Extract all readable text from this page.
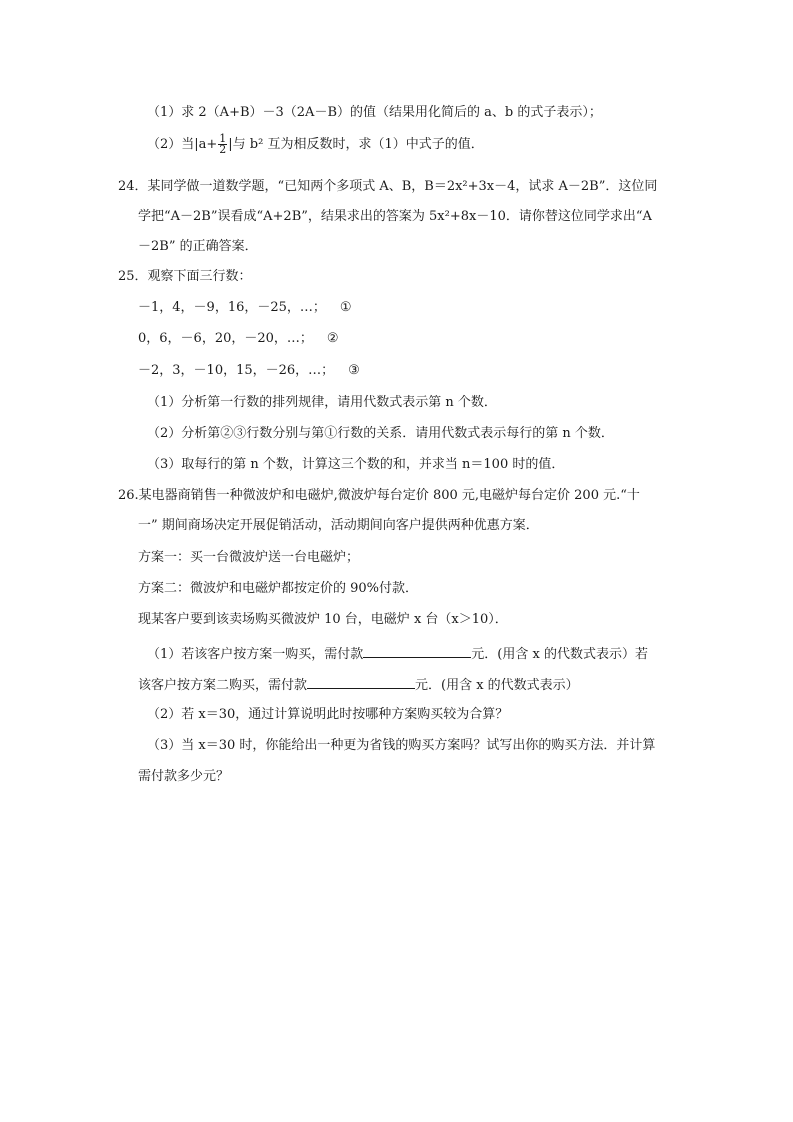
（1）求 2（A+B）－3（2A－B）的值（结果用化简后的 a、b 的式子表示）；
（2）当$|a+ \frac{1}{2}$ |与 b² 互为相反数时，求（1）中式子的值．
24．某同学做一道数学题，“已知两个多项式 A、B，B＝2x²+3x－4，试求 A－2B”．这位同
学把“A－2B”误看成“A+2B”，结果求出的答案为 5x²+8x－10．请你替这位同学求出“A
－2B” 的正确答案．
25．观察下面三行数：
－1，4，－9，16，－25，…； ①
0，6，－6，20，－20，…； ②
－2，3，－10，15，－26，…； ③
（1）分析第一行数的排列规律，请用代数式表示第 n 个数．
（2）分析第②③行数分别与第①行数的关系．请用代数式表示每行的第 n 个数．
（3）取每行的第 n 个数，计算这三个数的和，并求当 n＝100 时的值．
26.某电器商销售一种微波炉和电磁炉,微波炉每台定价 800 元,电磁炉每台定价 200 元.“十
一” 期间商场决定开展促销活动，活动期间向客户提供两种优惠方案．
方案一：买一台微波炉送一台电磁炉；
方案二：微波炉和电磁炉都按定价的 90%付款．
现某客户要到该卖场购买微波炉 10 台，电磁炉 x 台（x＞10）．
（1）若该客户按方案一购买，需付款	元．(用含 x 的代数式表示）若
该客户按方案二购买，需付款	元．(用含 x 的代数式表示）
（2）若 x＝30，通过计算说明此时按哪种方案购买较为合算？
（3）当 x＝30 时，你能给出一种更为省钱的购买方案吗？试写出你的购买方法．并计算
需付款多少元？
